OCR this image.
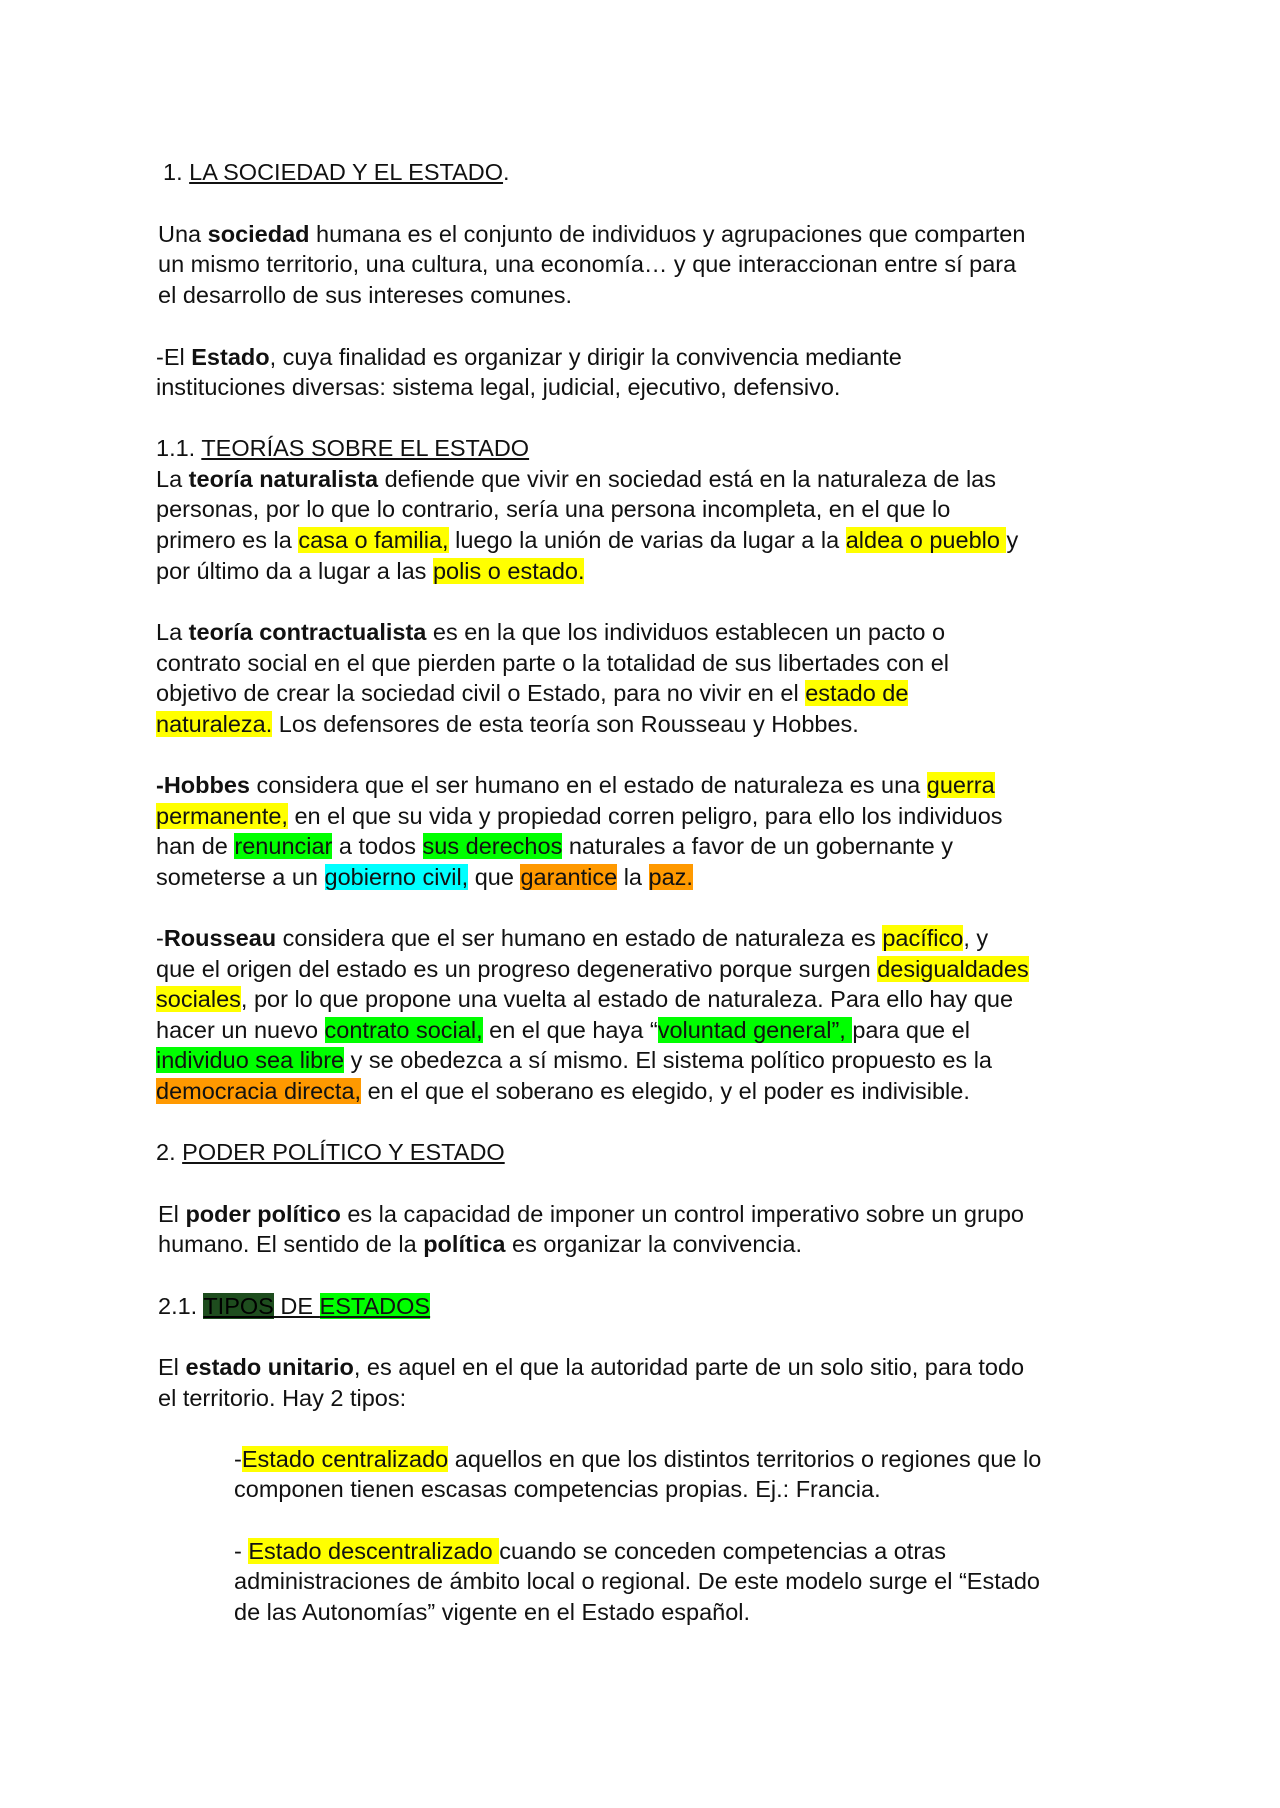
1. LA SOCIEDAD Y EL ESTADO.

Una sociedad humana es el conjunto de individuos y agrupaciones que comparten

un mismo territorio, una cultura, una economía… y que interaccionan entre sí para

el desarrollo de sus intereses comunes.

-El Estado, cuya finalidad es organizar y dirigir la convivencia mediante

instituciones diversas: sistema legal, judicial, ejecutivo, defensivo.

1.1. TEORÍAS SOBRE EL ESTADO

La teoría naturalista defiende que vivir en sociedad está en la naturaleza de las

personas, por lo que lo contrario, sería una persona incompleta, en el que lo

primero es la casa o familia, luego la unión de varias da lugar a la aldea o pueblo y

por último da a lugar a las polis o estado.

La teoría contractualista es en la que los individuos establecen un pacto o

contrato social en el que pierden parte o la totalidad de sus libertades con el

objetivo de crear la sociedad civil o Estado, para no vivir en el estado de

naturaleza. Los defensores de esta teoría son Rousseau y Hobbes.

-Hobbes considera que el ser humano en el estado de naturaleza es una guerra

permanente, en el que su vida y propiedad corren peligro, para ello los individuos

han de renunciar a todos sus derechos naturales a favor de un gobernante y

someterse a un gobierno civil, que garantice la paz.

-Rousseau considera que el ser humano en estado de naturaleza es pacífico, y

que el origen del estado es un progreso degenerativo porque surgen desigualdades

sociales, por lo que propone una vuelta al estado de naturaleza. Para ello hay que

hacer un nuevo contrato social, en el que haya “voluntad general”, para que el

individuo sea libre y se obedezca a sí mismo. El sistema político propuesto es la

democracia directa, en el que el soberano es elegido, y el poder es indivisible.

2. PODER POLÍTICO Y ESTADO

El poder político es la capacidad de imponer un control imperativo sobre un grupo

humano. El sentido de la política es organizar la convivencia.

2.1. TIPOS DE ESTADOS

El estado unitario, es aquel en el que la autoridad parte de un solo sitio, para todo

el territorio. Hay 2 tipos:

-Estado centralizado aquellos en que los distintos territorios o regiones que lo

componen tienen escasas competencias propias. Ej.: Francia.

- Estado descentralizado cuando se conceden competencias a otras

administraciones de ámbito local o regional. De este modelo surge el “Estado

de las Autonomías” vigente en el Estado español.
